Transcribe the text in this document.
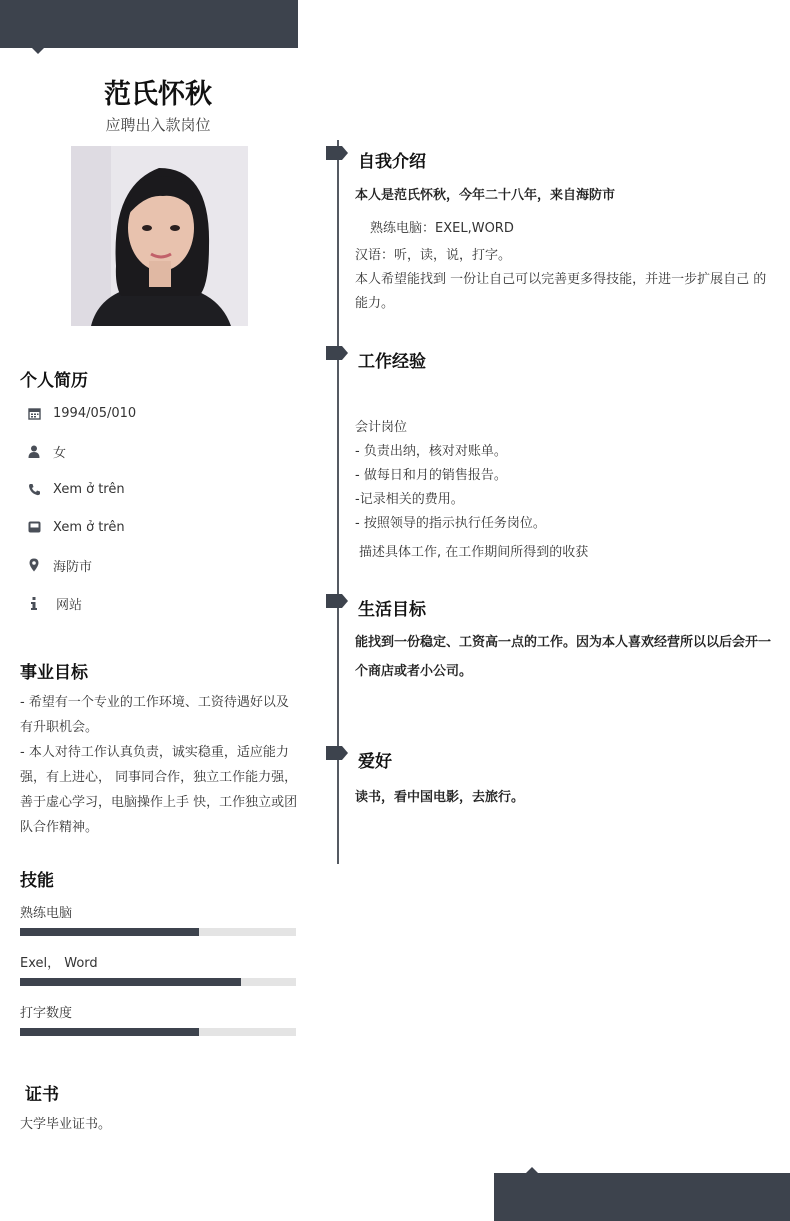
范氏怀秋
应聘出入款岗位
个人简历
1994/05/010
女
Xem ở trên
Xem ở trên
海防市
网站
事业目标
- 希望有一个专业的工作环境、工资待遇好以及有升职机会。
- 本人对待工作认真负责，诚实稳重，适应能力强，有上进心， 同事同合作，独立工作能力强，善于虚心学习，电脑操作上手 快，工作独立或团队合作精神。
技能
熟练电脑
Exel， Word
打字数度
证书
大学毕业证书。
自我介绍
本人是范氏怀秋，今年二十八年，来自海防市
熟练电脑：EXEL,WORD
汉语：听，读，说，打字。
本人希望能找到 一份让自己可以完善更多得技能，并进一步扩展自己 的能力。
工作经验
会计岗位
- 负责出纳，核对对账单。
- 做每日和月的销售报告。
-记录相关的费用。
- 按照领导的指示执行任务岗位。
描述具体工作, 在工作期间所得到的收获
生活目标
能找到一份稳定、工资高一点的工作。因为本人喜欢经营所以以后会开一个商店或者小公司。
爱好
读书，看中国电影，去旅行。
